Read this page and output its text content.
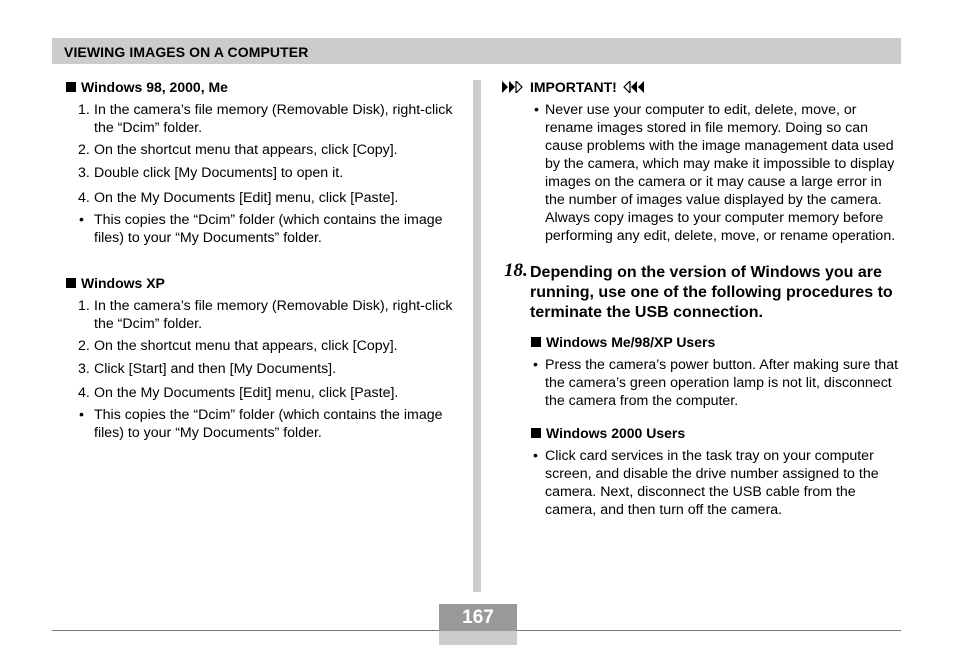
VIEWING IMAGES ON A COMPUTER
Windows 98, 2000, Me
1. In the camera’s file memory (Removable Disk), right-click the “Dcim” folder.
2. On the shortcut menu that appears, click [Copy].
3. Double click [My Documents] to open it.
4. On the My Documents [Edit] menu, click [Paste].
• This copies the “Dcim” folder (which contains the image files) to your “My Documents” folder.
Windows XP
1. In the camera’s file memory (Removable Disk), right-click the “Dcim” folder.
2. On the shortcut menu that appears, click [Copy].
3. Click [Start] and then [My Documents].
4. On the My Documents [Edit] menu, click [Paste].
• This copies the “Dcim” folder (which contains the image files) to your “My Documents” folder.
IMPORTANT!
• Never use your computer to edit, delete, move, or rename images stored in file memory. Doing so can cause problems with the image management data used by the camera, which may make it impossible to display images on the camera or it may cause a large error in the number of images value displayed by the camera. Always copy images to your computer memory before performing any edit, delete, move, or rename operation.
18. Depending on the version of Windows you are running, use one of the following procedures to terminate the USB connection.
Windows Me/98/XP Users
• Press the camera’s power button. After making sure that the camera’s green operation lamp is not lit, disconnect the camera from the computer.
Windows 2000 Users
• Click card services in the task tray on your computer screen, and disable the drive number assigned to the camera. Next, disconnect the USB cable from the camera, and then turn off the camera.
167
